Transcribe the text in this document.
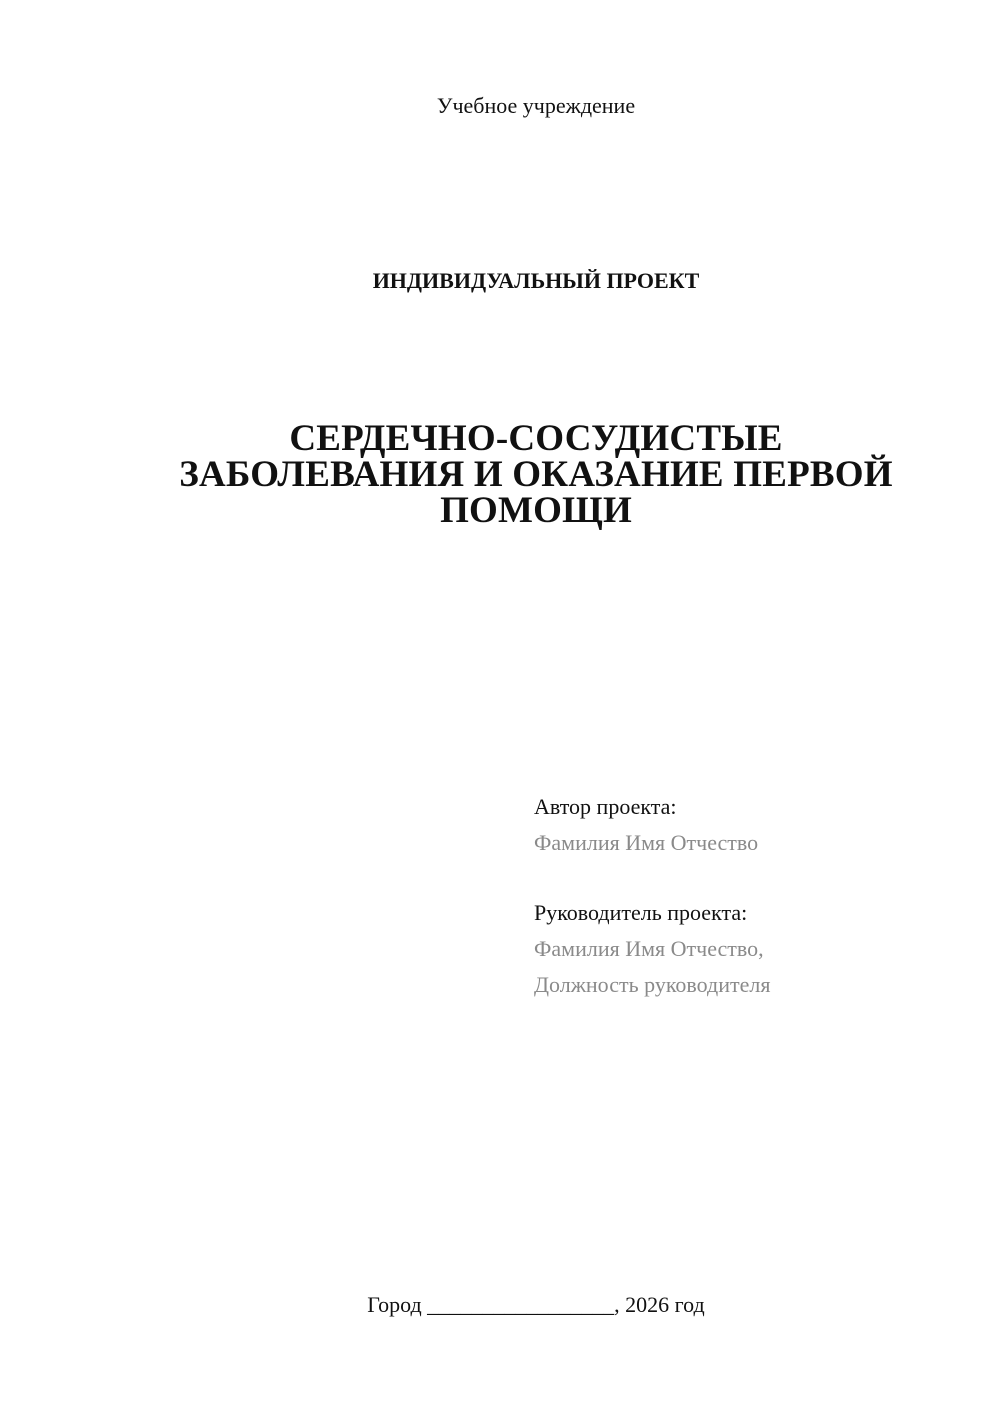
Учебное учреждение
ИНДИВИДУАЛЬНЫЙ ПРОЕКТ
СЕРДЕЧНО-СОСУДИСТЫЕ
ЗАБОЛЕВАНИЯ И ОКАЗАНИЕ ПЕРВОЙ
ПОМОЩИ
Автор проекта:
Фамилия Имя Отчество
Руководитель проекта:
Фамилия Имя Отчество,
Должность руководителя
Город _________________, 2026 год
